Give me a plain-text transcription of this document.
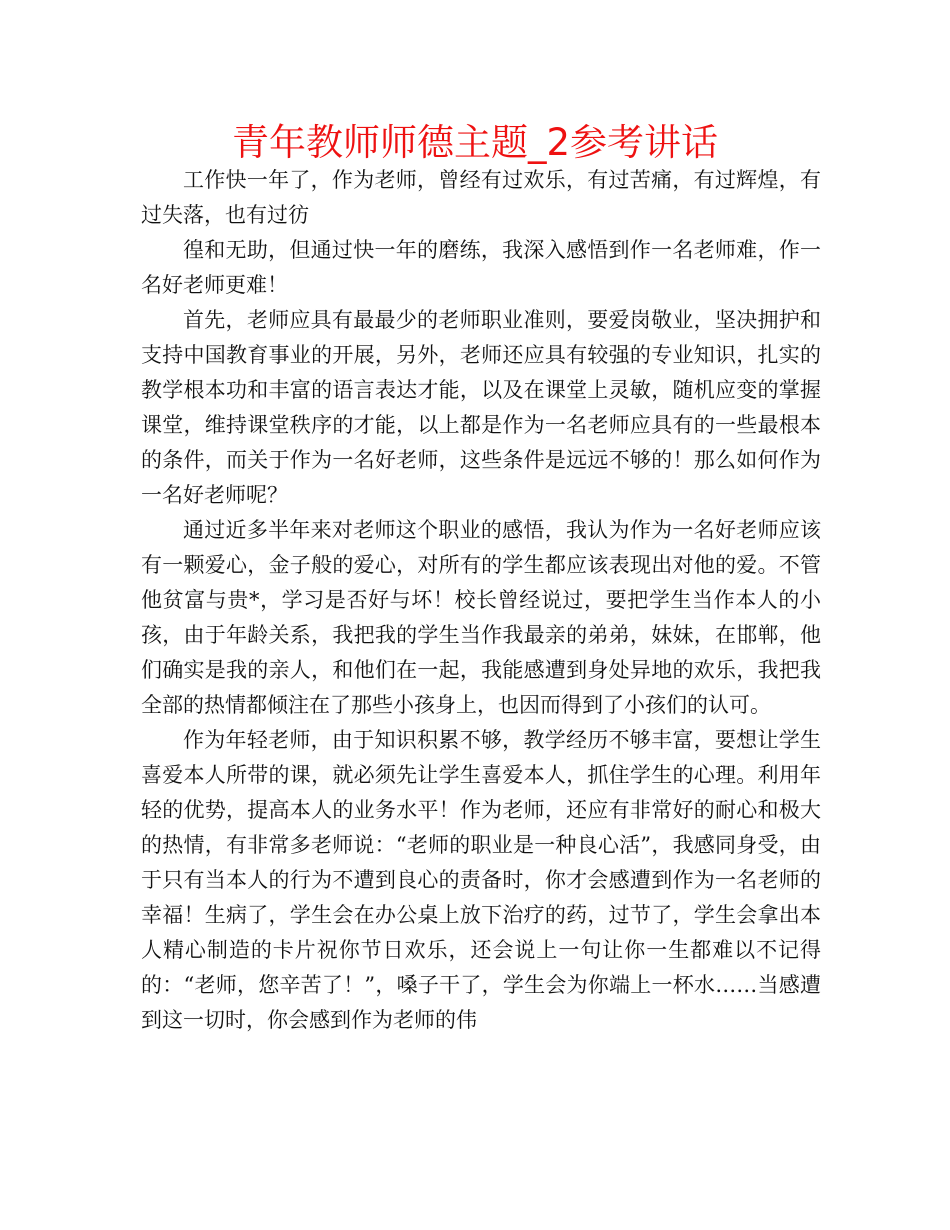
青年教师师德主题_2参考讲话

工作快一年了，作为老师，曾经有过欢乐，有过苦痛，有过辉煌，有过失落，也有过彷

徨和无助，但通过快一年的磨练，我深入感悟到作一名老师难，作一名好老师更难！

首先，老师应具有最最少的老师职业准则，要爱岗敬业，坚决拥护和支持中国教育事业的开展，另外，老师还应具有较强的专业知识，扎实的教学根本功和丰富的语言表达才能，以及在课堂上灵敏，随机应变的掌握课堂，维持课堂秩序的才能，以上都是作为一名老师应具有的一些最根本的条件，而关于作为一名好老师，这些条件是远远不够的！那么如何作为一名好老师呢？

通过近多半年来对老师这个职业的感悟，我认为作为一名好老师应该有一颗爱心，金子般的爱心，对所有的学生都应该表现出对他的爱。不管他贫富与贵*，学习是否好与坏！校长曾经说过，要把学生当作本人的小孩，由于年龄关系，我把我的学生当作我最亲的弟弟，妹妹，在邯郸，他们确实是我的亲人，和他们在一起，我能感遭到身处异地的欢乐，我把我全部的热情都倾注在了那些小孩身上，也因而得到了小孩们的认可。

作为年轻老师，由于知识积累不够，教学经历不够丰富，要想让学生喜爱本人所带的课，就必须先让学生喜爱本人，抓住学生的心理。利用年轻的优势，提高本人的业务水平！作为老师，还应有非常好的耐心和极大的热情，有非常多老师说：“老师的职业是一种良心活”，我感同身受，由于只有当本人的行为不遭到良心的责备时，你才会感遭到作为一名老师的幸福！生病了，学生会在办公桌上放下治疗的药，过节了，学生会拿出本人精心制造的卡片祝你节日欢乐，还会说上一句让你一生都难以不记得的：“老师，您辛苦了！”，嗓子干了，学生会为你端上一杯水……当感遭到这一切时，你会感到作为老师的伟
